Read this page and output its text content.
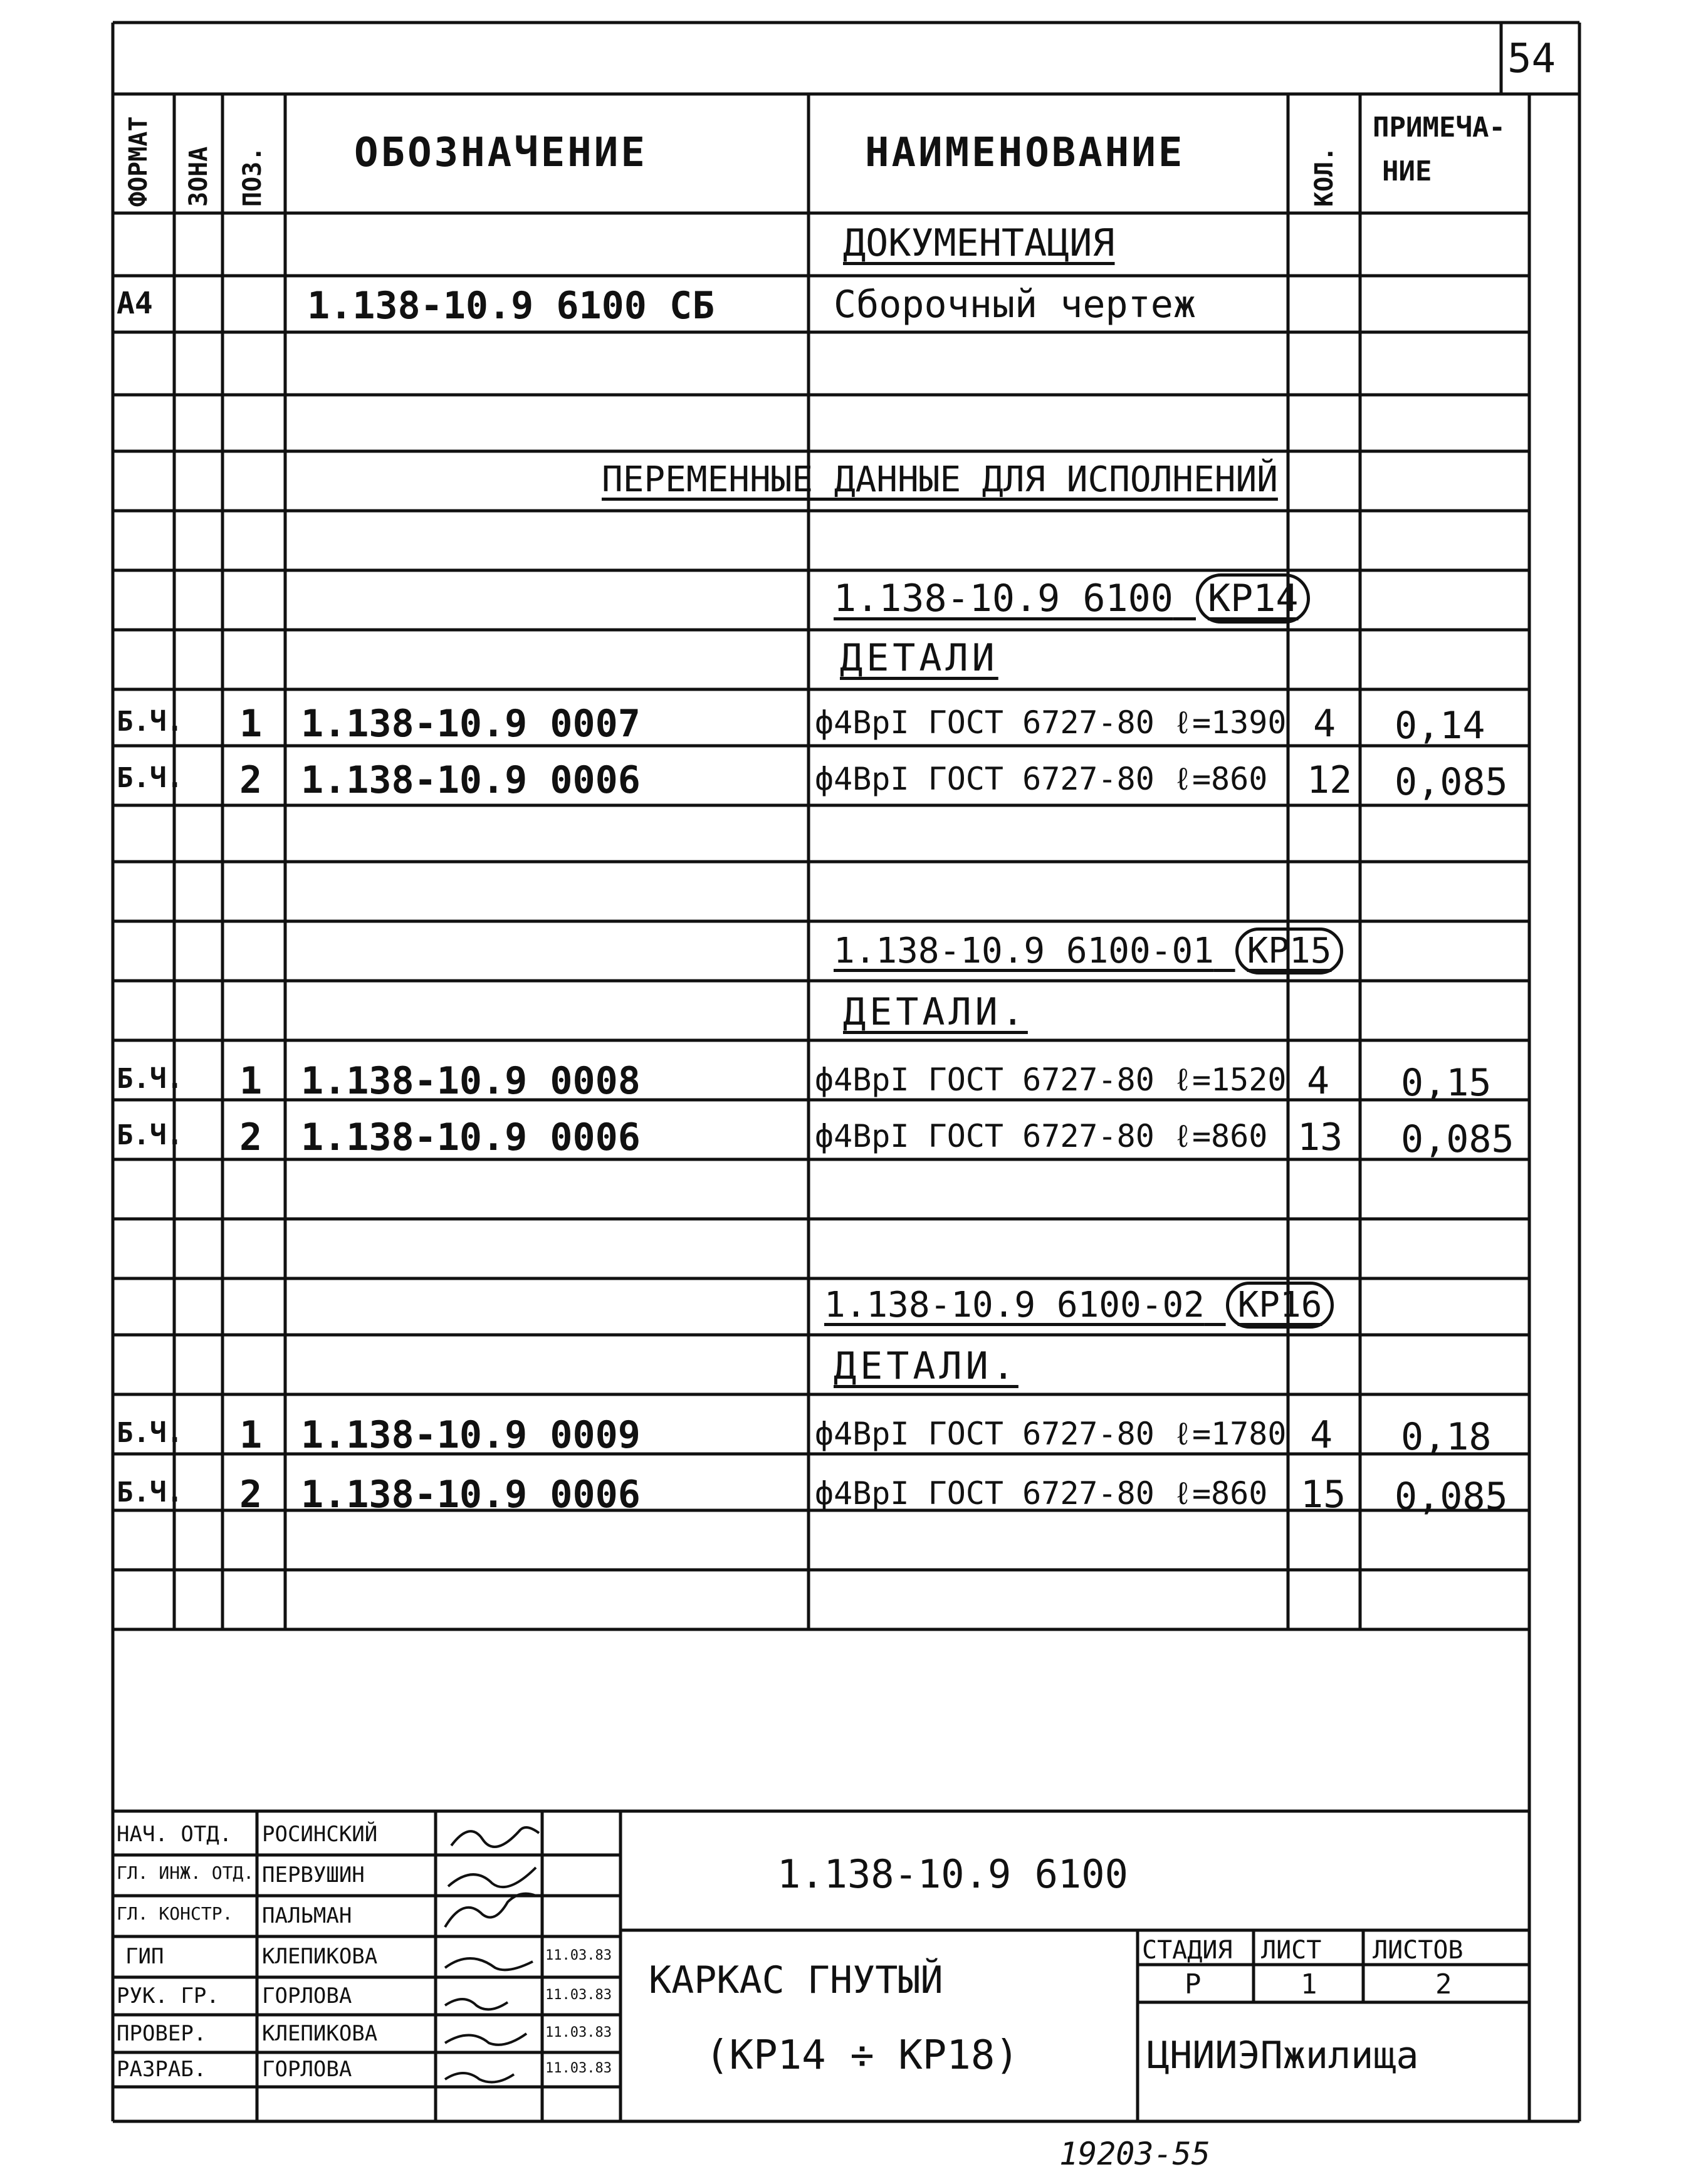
54
ФОРМАТ ЗОНА ПОЗ. ОБОЗНАЧЕНИЕ	НАИМЕНОВАНИЕ	КОЛ.
ПРИМЕЧА-
НИЕ
ДОКУМЕНТАЦИЯ
А4	1.138-10.9 6100 СБ	Сборочный чертеж
ПЕРЕМЕННЫЕ ДАННЫЕ ДЛЯ ИСПОЛНЕНИЙ
1.138-10.9 6100 КР14
ДЕТАЛИ
Б.Ч. 1 1.138-10.9 0007	ф4ВрI ГОСТ 6727-80 ℓ=1390 4 0,14
Б.Ч. 2 1.138-10.9 0006	ф4ВрI ГОСТ 6727-80 ℓ=860 12 0,085
1.138-10.9 6100-01 КР15
ДЕТАЛИ.
Б.Ч. 1 1.138-10.9 0008	ф4ВрI ГОСТ 6727-80 ℓ=1520 4 0,15
Б.Ч. 2 1.138-10.9 0006	ф4ВрI ГОСТ 6727-80 ℓ=860 13 0,085
1.138-10.9 6100-02 КР16
ДЕТАЛИ.
Б.Ч. 1 1.138-10.9 0009	ф4ВрI ГОСТ 6727-80 ℓ=1780 4 0,18
Б.Ч. 2 1.138-10.9 0006	ф4ВрI ГОСТ 6727-80 ℓ=860 15 0,085
НАЧ. ОТД. РОСИНСКИЙ
ГЛ. ИНЖ. ОТД. ПЕРВУШИН
ГЛ. КОНСТР. ПАЛЬМАН
ГИП	КЛЕПИКОВА	11.03.83
РУК. ГР. ГОРЛОВА	11.03.83
ПРОВЕР.	КЛЕПИКОВА	11.03.83
РАЗРАБ.	ГОРЛОВА	11.03.83
1.138-10.9 6100
КАРКАС ГНУТЫЙ
(КР14 ÷ КР18)
СТАДИЯ ЛИСТ ЛИСТОВ
Р	1	2
ЦНИИЭПжилища
19203-55
